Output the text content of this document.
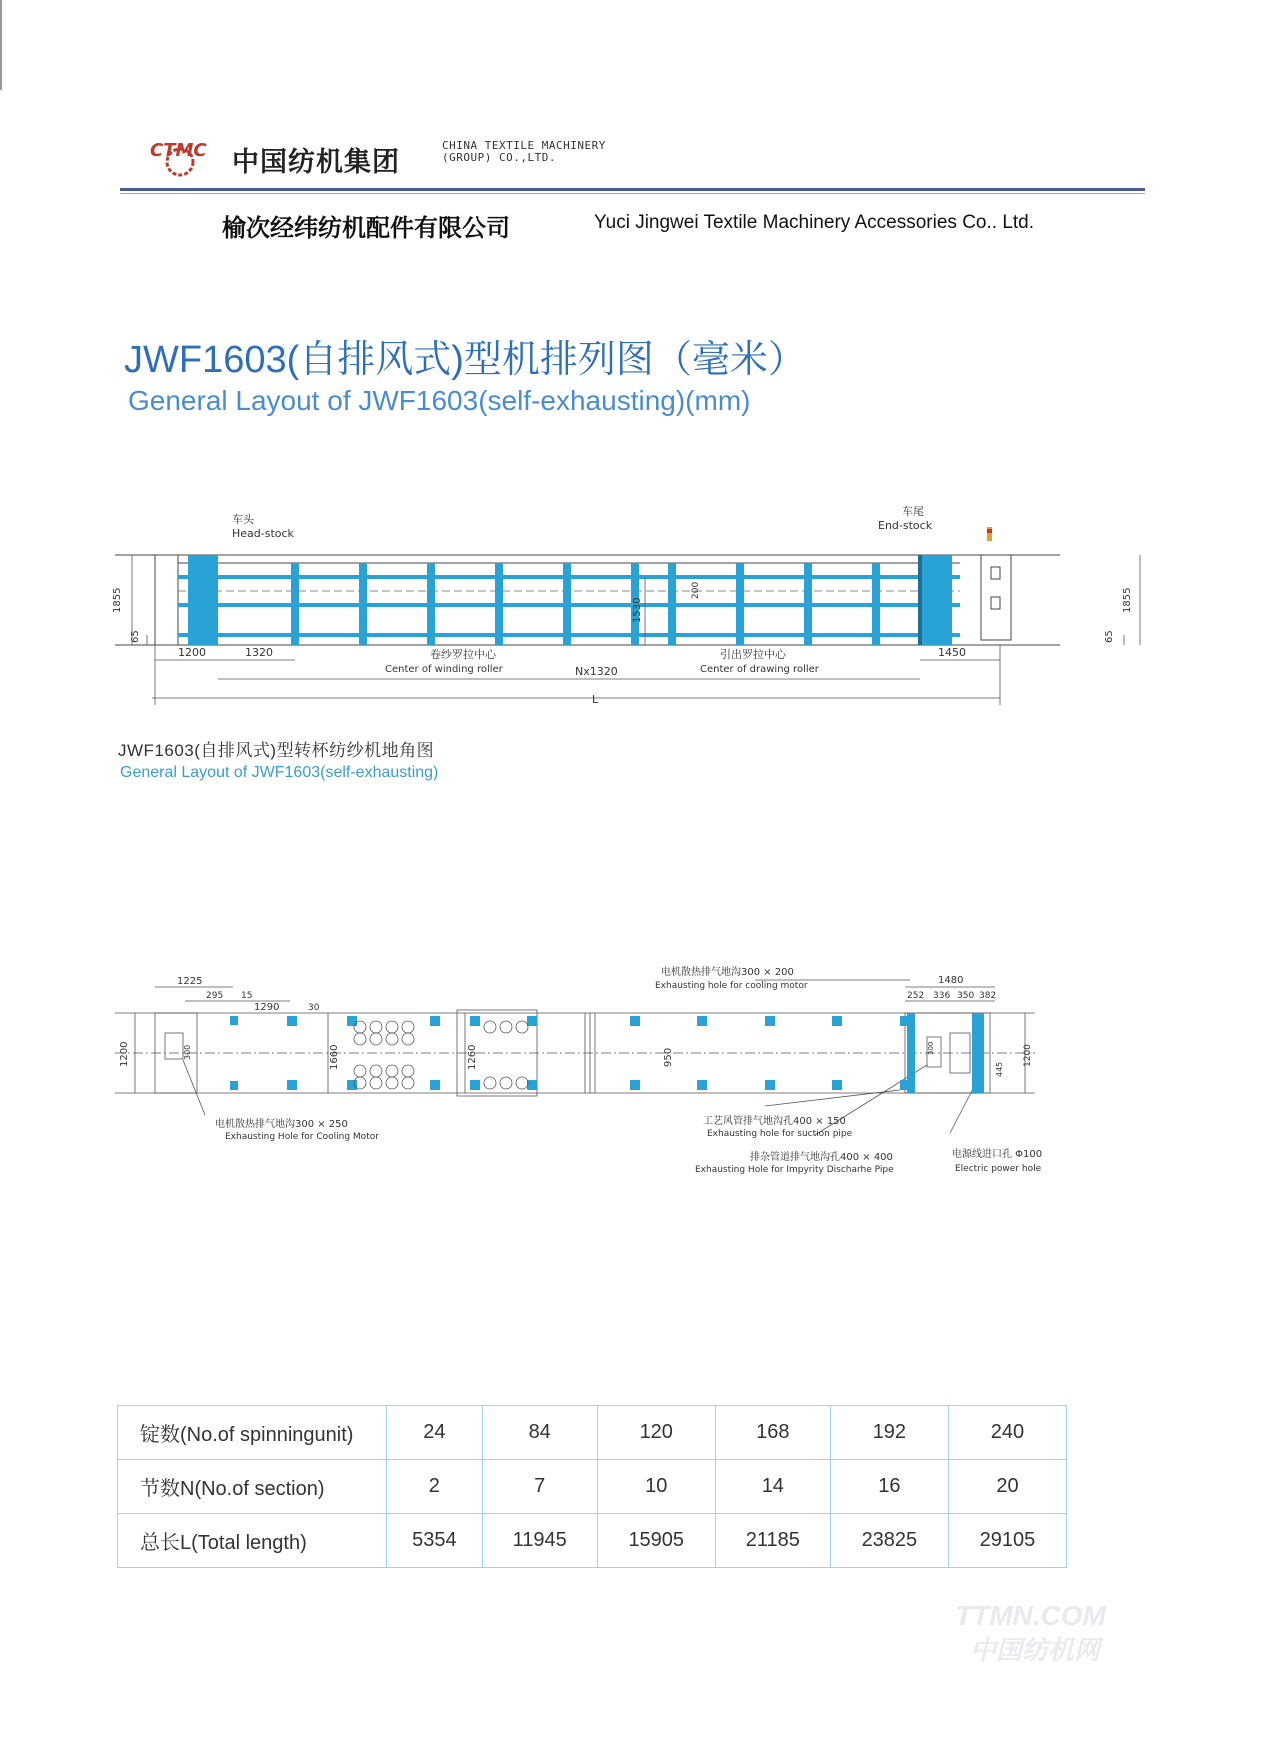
CTMC 中国纺机集团
CHINA TEXTILE MACHINERY
(GROUP) CO.,LTD.
榆次经纬纺机配件有限公司	Yuci Jingwei Textile Machinery Accessories Co.. Ltd.
JWF1603(自排风式)型机排列图（毫米）
General Layout of JWF1603(self-exhausting)(mm)
车头
Head-stock
车尾
End-stock
1855
65
1855
65
1530
200
1200	1320
Nx1320
1450
L
卷纱罗拉中心
Center of winding roller
引出罗拉中心
Center of drawing roller
JWF1603(自排风式)型转杯纺纱机地角图
General Layout of JWF1603(self-exhausting)
1225
15
295
1290	30
1200	300	1660	1260	950
1480
252 336 350 382
300	1200
445
电机散热排气地沟300 × 200
Exhausting hole for cooling motor
电机散热排气地沟300 × 250
Exhausting Hole for Cooling Motor
工艺风管排气地沟孔400 × 150
Exhausting hole for suction pipe
排杂管道排气地沟孔400 × 400
Exhausting Hole for Impyrity Discharhe Pipe
电源线进口孔 Φ100
Electric power hole
锭数(No.of spinningunit)	24	84	120	168	192	240
节数N(No.of section)	2	7	10	14	16	20
总长L(Total length)	5354	11945	15905	21185	23825	29105
TTMN.COM
中国纺机网
